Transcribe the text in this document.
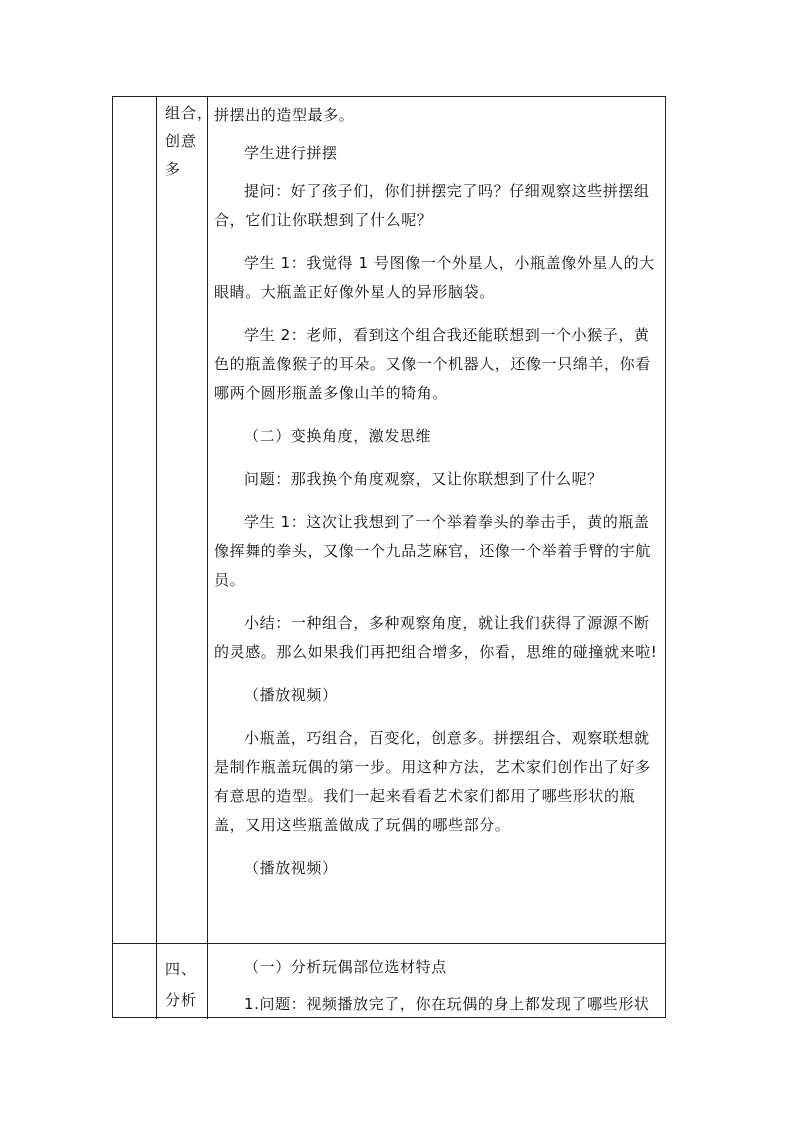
组合，
创意
多

拼摆出的造型最多。

学生进行拼摆

提问：好了孩子们，你们拼摆完了吗？仔细观察这些拼摆组合，它们让你联想到了什么呢？

学生 1：我觉得 1 号图像一个外星人，小瓶盖像外星人的大眼睛。大瓶盖正好像外星人的异形脑袋。

学生 2：老师，看到这个组合我还能联想到一个小猴子，黄色的瓶盖像猴子的耳朵。又像一个机器人，还像一只绵羊，你看哪两个圆形瓶盖多像山羊的犄角。

（二）变换角度，激发思维

问题：那我换个角度观察，又让你联想到了什么呢？

学生 1：这次让我想到了一个举着拳头的拳击手，黄的瓶盖像挥舞的拳头，又像一个九品芝麻官，还像一个举着手臂的宇航员。

小结：一种组合，多种观察角度，就让我们获得了源源不断的灵感。那么如果我们再把组合增多，你看，思维的碰撞就来啦!

（播放视频）

小瓶盖，巧组合，百变化，创意多。拼摆组合、观察联想就是制作瓶盖玩偶的第一步。用这种方法，艺术家们创作出了好多有意思的造型。我们一起来看看艺术家们都用了哪些形状的瓶盖，又用这些瓶盖做成了玩偶的哪些部分。

（播放视频）

四、
分析

（一）分析玩偶部位选材特点

1.问题：视频播放完了，你在玩偶的身上都发现了哪些形状
